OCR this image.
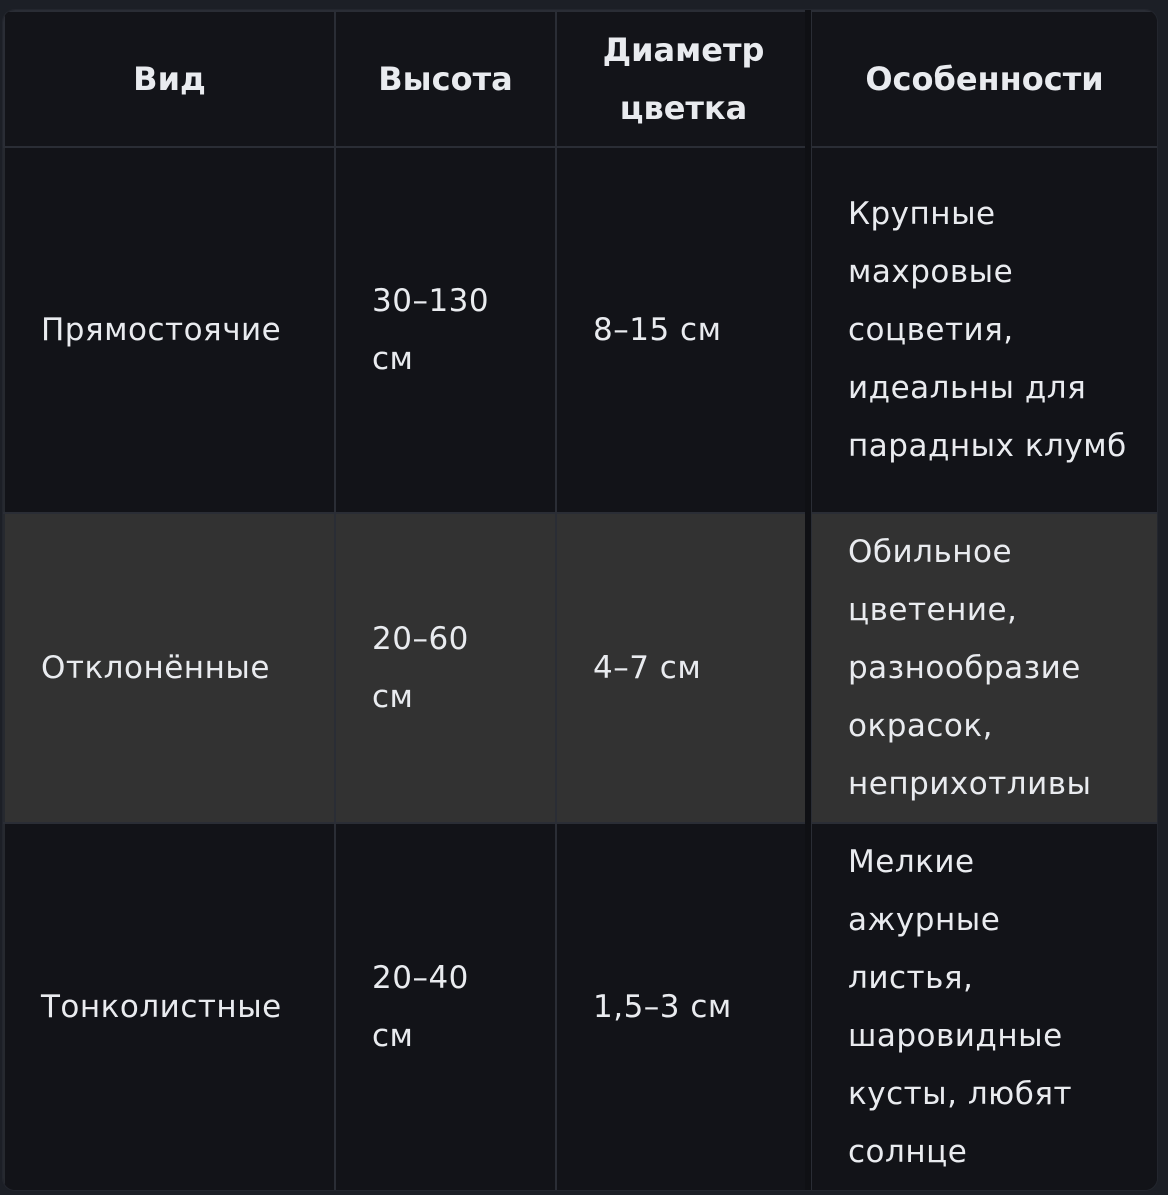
Вид	Высота	Диаметр цветка	Особенности
Прямостоячие	30–130 см	8–15 см	Крупные махровые соцветия, идеальны для парадных клумб
Отклонённые	20–60 см	4–7 см	Обильное цветение, разнообразие окрасок, неприхотливы
Тонколистные	20–40 см	1,5–3 см	Мелкие ажурные листья, шаровидные кусты, любят солнце
